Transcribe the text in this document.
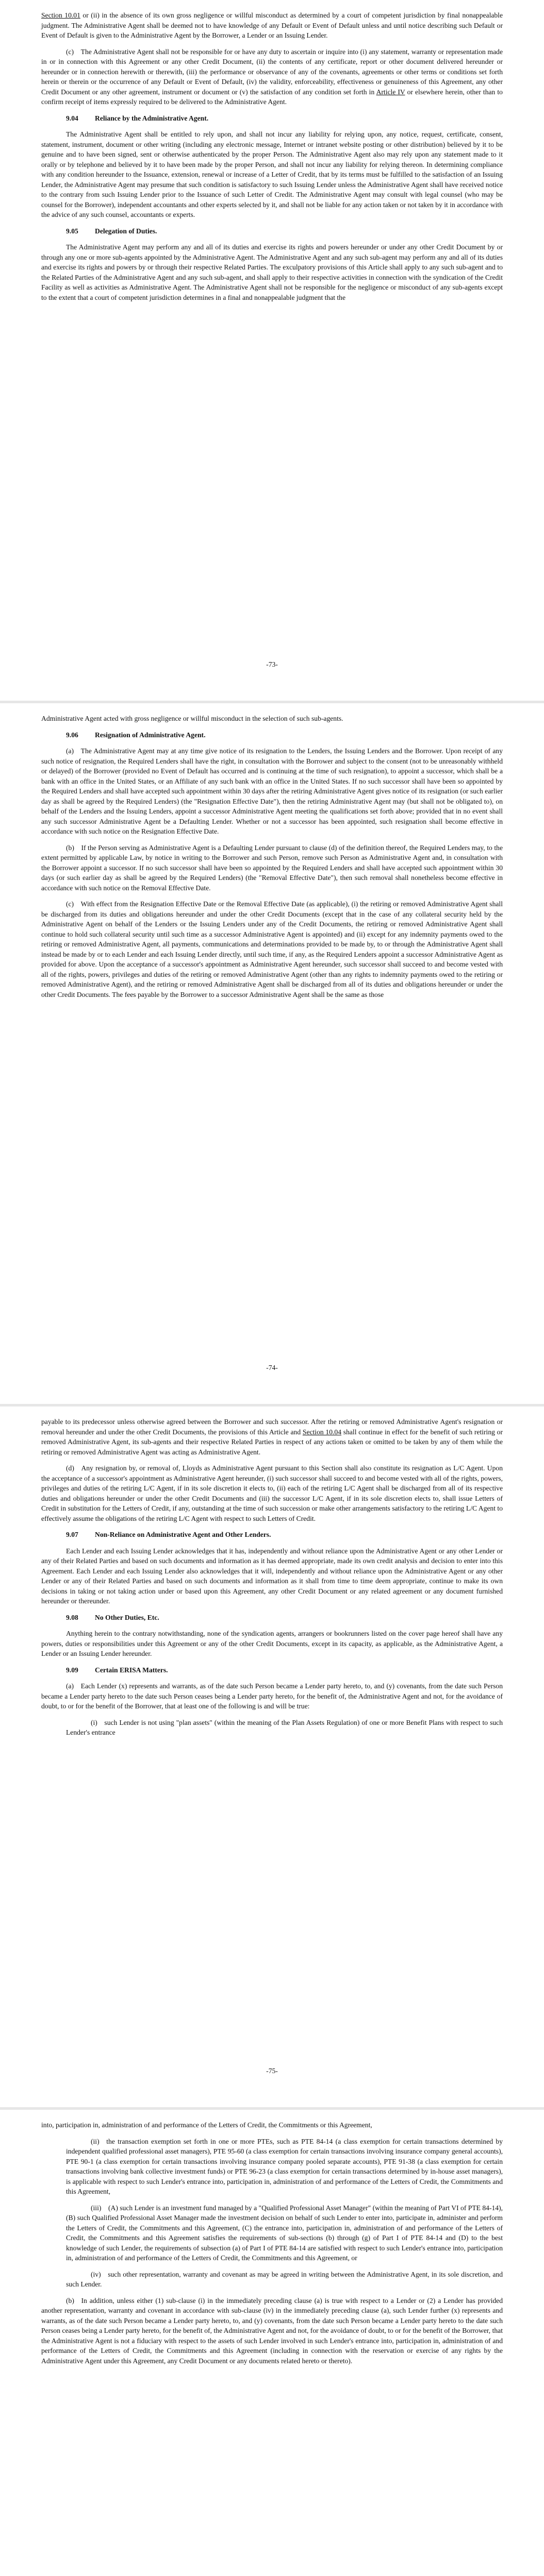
Section 10.01 or (ii) in the absence of its own gross negligence or willful misconduct as determined by a court of competent jurisdiction by final nonappealable judgment. The Administrative Agent shall be deemed not to have knowledge of any Default or Event of Default unless and until notice describing such Default or Event of Default is given to the Administrative Agent by the Borrower, a Lender or an Issuing Lender.

(c) The Administrative Agent shall not be responsible for or have any duty to ascertain or inquire into (i) any statement, warranty or representation made in or in connection with this Agreement or any other Credit Document, (ii) the contents of any certificate, report or other document delivered hereunder or hereunder or in connection herewith or therewith, (iii) the performance or observance of any of the covenants, agreements or other terms or conditions set forth herein or therein or the occurrence of any Default or Event of Default, (iv) the validity, enforceability, effectiveness or genuineness of this Agreement, any other Credit Document or any other agreement, instrument or document or (v) the satisfaction of any condition set forth in Article IV or elsewhere herein, other than to confirm receipt of items expressly required to be delivered to the Administrative Agent.

9.04 Reliance by the Administrative Agent.

The Administrative Agent shall be entitled to rely upon, and shall not incur any liability for relying upon, any notice, request, certificate, consent, statement, instrument, document or other writing (including any electronic message, Internet or intranet website posting or other distribution) believed by it to be genuine and to have been signed, sent or otherwise authenticated by the proper Person. The Administrative Agent also may rely upon any statement made to it orally or by telephone and believed by it to have been made by the proper Person, and shall not incur any liability for relying thereon. In determining compliance with any condition hereunder to the Issuance, extension, renewal or increase of a Letter of Credit, that by its terms must be fulfilled to the satisfaction of an Issuing Lender, the Administrative Agent may presume that such condition is satisfactory to such Issuing Lender unless the Administrative Agent shall have received notice to the contrary from such Issuing Lender prior to the Issuance of such Letter of Credit. The Administrative Agent may consult with legal counsel (who may be counsel for the Borrower), independent accountants and other experts selected by it, and shall not be liable for any action taken or not taken by it in accordance with the advice of any such counsel, accountants or experts.

9.05 Delegation of Duties.

The Administrative Agent may perform any and all of its duties and exercise its rights and powers hereunder or under any other Credit Document by or through any one or more sub-agents appointed by the Administrative Agent. The Administrative Agent and any such sub-agent may perform any and all of its duties and exercise its rights and powers by or through their respective Related Parties. The exculpatory provisions of this Article shall apply to any such sub-agent and to the Related Parties of the Administrative Agent and any such sub-agent, and shall apply to their respective activities in connection with the syndication of the Credit Facility as well as activities as Administrative Agent. The Administrative Agent shall not be responsible for the negligence or misconduct of any sub-agents except to the extent that a court of competent jurisdiction determines in a final and nonappealable judgment that the

-73-

Administrative Agent acted with gross negligence or willful misconduct in the selection of such sub-agents.

9.06 Resignation of Administrative Agent.

(a) The Administrative Agent may at any time give notice of its resignation to the Lenders, the Issuing Lenders and the Borrower. Upon receipt of any such notice of resignation, the Required Lenders shall have the right, in consultation with the Borrower and subject to the consent (not to be unreasonably withheld or delayed) of the Borrower (provided no Event of Default has occurred and is continuing at the time of such resignation), to appoint a successor, which shall be a bank with an office in the United States, or an Affiliate of any such bank with an office in the United States. If no such successor shall have been so appointed by the Required Lenders and shall have accepted such appointment within 30 days after the retiring Administrative Agent gives notice of its resignation (or such earlier day as shall be agreed by the Required Lenders) (the "Resignation Effective Date"), then the retiring Administrative Agent may (but shall not be obligated to), on behalf of the Lenders and the Issuing Lenders, appoint a successor Administrative Agent meeting the qualifications set forth above; provided that in no event shall any such successor Administrative Agent be a Defaulting Lender. Whether or not a successor has been appointed, such resignation shall become effective in accordance with such notice on the Resignation Effective Date.

(b) If the Person serving as Administrative Agent is a Defaulting Lender pursuant to clause (d) of the definition thereof, the Required Lenders may, to the extent permitted by applicable Law, by notice in writing to the Borrower and such Person, remove such Person as Administrative Agent and, in consultation with the Borrower appoint a successor. If no such successor shall have been so appointed by the Required Lenders and shall have accepted such appointment within 30 days (or such earlier day as shall be agreed by the Required Lenders) (the "Removal Effective Date"), then such removal shall nonetheless become effective in accordance with such notice on the Removal Effective Date.

(c) With effect from the Resignation Effective Date or the Removal Effective Date (as applicable), (i) the retiring or removed Administrative Agent shall be discharged from its duties and obligations hereunder and under the other Credit Documents (except that in the case of any collateral security held by the Administrative Agent on behalf of the Lenders or the Issuing Lenders under any of the Credit Documents, the retiring or removed Administrative Agent shall continue to hold such collateral security until such time as a successor Administrative Agent is appointed) and (ii) except for any indemnity payments owed to the retiring or removed Administrative Agent, all payments, communications and determinations provided to be made by, to or through the Administrative Agent shall instead be made by or to each Lender and each Issuing Lender directly, until such time, if any, as the Required Lenders appoint a successor Administrative Agent as provided for above. Upon the acceptance of a successor's appointment as Administrative Agent hereunder, such successor shall succeed to and become vested with all of the rights, powers, privileges and duties of the retiring or removed Administrative Agent (other than any rights to indemnity payments owed to the retiring or removed Administrative Agent), and the retiring or removed Administrative Agent shall be discharged from all of its duties and obligations hereunder or under the other Credit Documents. The fees payable by the Borrower to a successor Administrative Agent shall be the same as those

-74-

payable to its predecessor unless otherwise agreed between the Borrower and such successor. After the retiring or removed Administrative Agent's resignation or removal hereunder and under the other Credit Documents, the provisions of this Article and Section 10.04 shall continue in effect for the benefit of such retiring or removed Administrative Agent, its sub-agents and their respective Related Parties in respect of any actions taken or omitted to be taken by any of them while the retiring or removed Administrative Agent was acting as Administrative Agent.

(d) Any resignation by, or removal of, Lloyds as Administrative Agent pursuant to this Section shall also constitute its resignation as L/C Agent. Upon the acceptance of a successor's appointment as Administrative Agent hereunder, (i) such successor shall succeed to and become vested with all of the rights, powers, privileges and duties of the retiring L/C Agent, if in its sole discretion it elects to, (ii) each of the retiring L/C Agent shall be discharged from all of its respective duties and obligations hereunder or under the other Credit Documents and (iii) the successor L/C Agent, if in its sole discretion elects to, shall issue Letters of Credit in substitution for the Letters of Credit, if any, outstanding at the time of such succession or make other arrangements satisfactory to the retiring L/C Agent to effectively assume the obligations of the retiring L/C Agent with respect to such Letters of Credit.

9.07 Non-Reliance on Administrative Agent and Other Lenders.

Each Lender and each Issuing Lender acknowledges that it has, independently and without reliance upon the Administrative Agent or any other Lender or any of their Related Parties and based on such documents and information as it has deemed appropriate, made its own credit analysis and decision to enter into this Agreement. Each Lender and each Issuing Lender also acknowledges that it will, independently and without reliance upon the Administrative Agent or any other Lender or any of their Related Parties and based on such documents and information as it shall from time to time deem appropriate, continue to make its own decisions in taking or not taking action under or based upon this Agreement, any other Credit Document or any related agreement or any document furnished hereunder or thereunder.

9.08 No Other Duties, Etc.

Anything herein to the contrary notwithstanding, none of the syndication agents, arrangers or bookrunners listed on the cover page hereof shall have any powers, duties or responsibilities under this Agreement or any of the other Credit Documents, except in its capacity, as applicable, as the Administrative Agent, a Lender or an Issuing Lender hereunder.

9.09 Certain ERISA Matters.

(a) Each Lender (x) represents and warrants, as of the date such Person became a Lender party hereto, to, and (y) covenants, from the date such Person became a Lender party hereto to the date such Person ceases being a Lender party hereto, for the benefit of, the Administrative Agent and not, for the avoidance of doubt, to or for the benefit of the Borrower, that at least one of the following is and will be true:

(i) such Lender is not using "plan assets" (within the meaning of the Plan Assets Regulation) of one or more Benefit Plans with respect to such Lender's entrance

-75-

into, participation in, administration of and performance of the Letters of Credit, the Commitments or this Agreement,

(ii) the transaction exemption set forth in one or more PTEs, such as PTE 84-14 (a class exemption for certain transactions determined by independent qualified professional asset managers), PTE 95-60 (a class exemption for certain transactions involving insurance company general accounts), PTE 90-1 (a class exemption for certain transactions involving insurance company pooled separate accounts), PTE 91-38 (a class exemption for certain transactions involving bank collective investment funds) or PTE 96-23 (a class exemption for certain transactions determined by in-house asset managers), is applicable with respect to such Lender's entrance into, participation in, administration of and performance of the Letters of Credit, the Commitments and this Agreement,

(iii) (A) such Lender is an investment fund managed by a "Qualified Professional Asset Manager" (within the meaning of Part VI of PTE 84-14), (B) such Qualified Professional Asset Manager made the investment decision on behalf of such Lender to enter into, participate in, administer and perform the Letters of Credit, the Commitments and this Agreement, (C) the entrance into, participation in, administration of and performance of the Letters of Credit, the Commitments and this Agreement satisfies the requirements of sub-sections (b) through (g) of Part I of PTE 84-14 and (D) to the best knowledge of such Lender, the requirements of subsection (a) of Part I of PTE 84-14 are satisfied with respect to such Lender's entrance into, participation in, administration of and performance of the Letters of Credit, the Commitments and this Agreement, or

(iv) such other representation, warranty and covenant as may be agreed in writing between the Administrative Agent, in its sole discretion, and such Lender.

(b) In addition, unless either (1) sub-clause (i) in the immediately preceding clause (a) is true with respect to a Lender or (2) a Lender has provided another representation, warranty and covenant in accordance with sub-clause (iv) in the immediately preceding clause (a), such Lender further (x) represents and warrants, as of the date such Person became a Lender party hereto, to, and (y) covenants, from the date such Person became a Lender party hereto to the date such Person ceases being a Lender party hereto, for the benefit of, the Administrative Agent and not, for the avoidance of doubt, to or for the benefit of the Borrower, that the Administrative Agent is not a fiduciary with respect to the assets of such Lender involved in such Lender's entrance into, participation in, administration of and performance of the Letters of Credit, the Commitments and this Agreement (including in connection with the reservation or exercise of any rights by the Administrative Agent under this Agreement, any Credit Document or any documents related hereto or thereto).
